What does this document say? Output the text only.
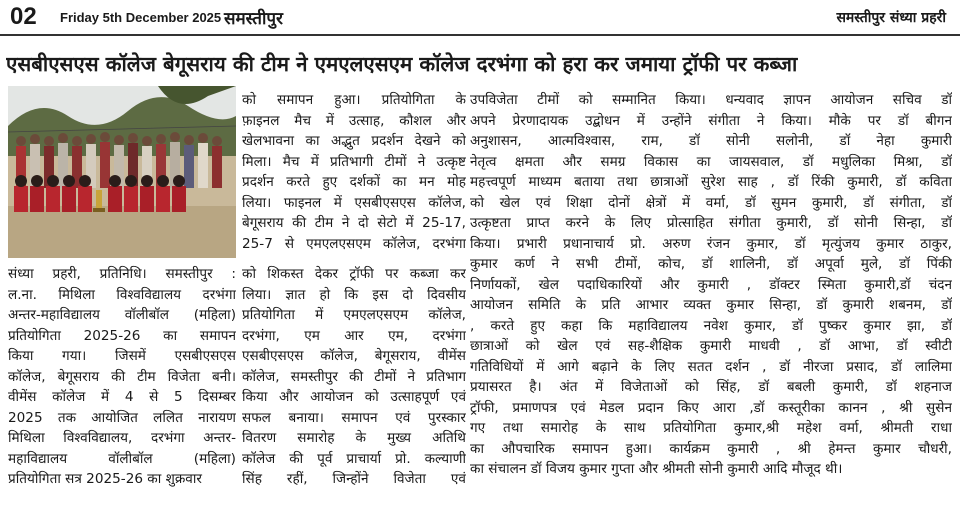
02 Friday 5th December 2025 समस्तीपुर	समस्तीपुर संध्या प्रहरी
एसबीएसएस कॉलेज बेगूसराय की टीम ने एमएलएसएम कॉलेज दरभंगा को हरा कर जमाया ट्रॉफी पर कब्जा

को समापन हुआ। प्रतियोगिता के

फ़ाइनल मैच में उत्साह, कौशल और

खेलभावना का अद्भुत प्रदर्शन देखने को

मिला। मैच में प्रतिभागी टीमों ने उत्कृष्ट

प्रदर्शन करते हुए दर्शकों का मन मोह

लिया। फाइनल में एसबीएसएस कॉलेज,

बेगूसराय की टीम ने दो सेटो में 25-17,

25-7 से एमएलएसएम कॉलेज, दरभंगा

को शिकस्त देकर ट्रॉफी पर कब्जा कर

लिया। ज्ञात हो कि इस दो दिवसीय

प्रतियोगिता में एमएलएसएम कॉलेज,

दरभंगा, एम आर एम, दरभंगा

एसबीएसएस कॉलेज, बेगूसराय, वीमेंस

कॉलेज, समस्तीपुर की टीमों ने प्रतिभाग

किया और आयोजन को उत्साहपूर्ण एवं

सफल बनाया। समापन एवं पुरस्कार

वितरण समारोह के मुख्य अतिथि

कॉलेज की पूर्व प्राचार्या प्रो. कल्याणी

सिंह रहीं, जिन्होंने विजेता एवं

संध्या प्रहरी, प्रतिनिधि। समस्तीपुर :

ल.ना. मिथिला विश्वविद्यालय दरभंगा

अन्तर-महाविद्यालय वॉलीबॉल (महिला)

प्रतियोगिता 2025-26 का समापन

किया गया। जिसमें एसबीएसएस

कॉलेज, बेगूसराय की टीम विजेता बनी।

वीमेंस कॉलेज में 4 से 5 दिसम्बर

2025 तक आयोजित ललित नारायण

मिथिला विश्वविद्यालय, दरभंगा अन्तर-

महाविद्यालय वॉलीबॉल (महिला)

प्रतियोगिता सत्र 2025-26 का शुक्रवार

उपविजेता टीमों को सम्मानित किया। धन्यवाद ज्ञापन आयोजन सचिव डॉ

अपने प्रेरणादायक उद्बोधन में उन्होंने संगीता ने किया। मौके पर डॉ बीगन

अनुशासन, आत्मविश्वास, राम, डॉ सोनी सलोनी, डॉ नेहा कुमारी

नेतृत्व क्षमता और समग्र विकास का जायसवाल, डॉ मधुलिका मिश्रा, डॉ

महत्त्वपूर्ण माध्यम बताया तथा छात्राओं सुरेश साह , डॉ रिंकी कुमारी, डॉ कविता

को खेल एवं शिक्षा दोनों क्षेत्रों में वर्मा, डॉ सुमन कुमारी, डॉ संगीता, डॉ

उत्कृष्टता प्राप्त करने के लिए प्रोत्साहित संगीता कुमारी, डॉ सोनी सिन्हा, डॉ

किया। प्रभारी प्रधानाचार्य प्रो. अरुण रंजन कुमार, डॉ मृत्युंजय कुमार ठाकुर,

कुमार कर्ण ने सभी टीमों, कोच, डॉ शालिनी, डॉ अपूर्वा मुले, डॉ पिंकी

निर्णायकों, खेल पदाधिकारियों और कुमारी , डॉक्टर स्मिता कुमारी,डॉ चंदन

आयोजन समिति के प्रति आभार व्यक्त कुमार सिन्हा, डॉ कुमारी शबनम, डॉ

, करते हुए कहा कि महाविद्यालय नवेश कुमार, डॉ पुष्कर कुमार झा, डॉ

छात्राओं को खेल एवं सह-शैक्षिक कुमारी माधवी , डॉ आभा, डॉ स्वीटी

गतिविधियों में आगे बढ़ाने के लिए सतत दर्शन , डॉ नीरजा प्रसाद, डॉ लालिमा

प्रयासरत है। अंत में विजेताओं को सिंह, डॉ बबली कुमारी, डॉ शहनाज

ट्रॉफी, प्रमाणपत्र एवं मेडल प्रदान किए आरा ,डॉ कस्तूरीका कानन , श्री सुसेन

गए तथा समारोह के साथ प्रतियोगिता कुमार,श्री महेश वर्मा, श्रीमती राधा

का औपचारिक समापन हुआ। कार्यक्रम कुमारी , श्री हेमन्त कुमार चौधरी,

का संचालन डॉ विजय कुमार गुप्ता और श्रीमती सोनी कुमारी आदि मौजूद थी।
